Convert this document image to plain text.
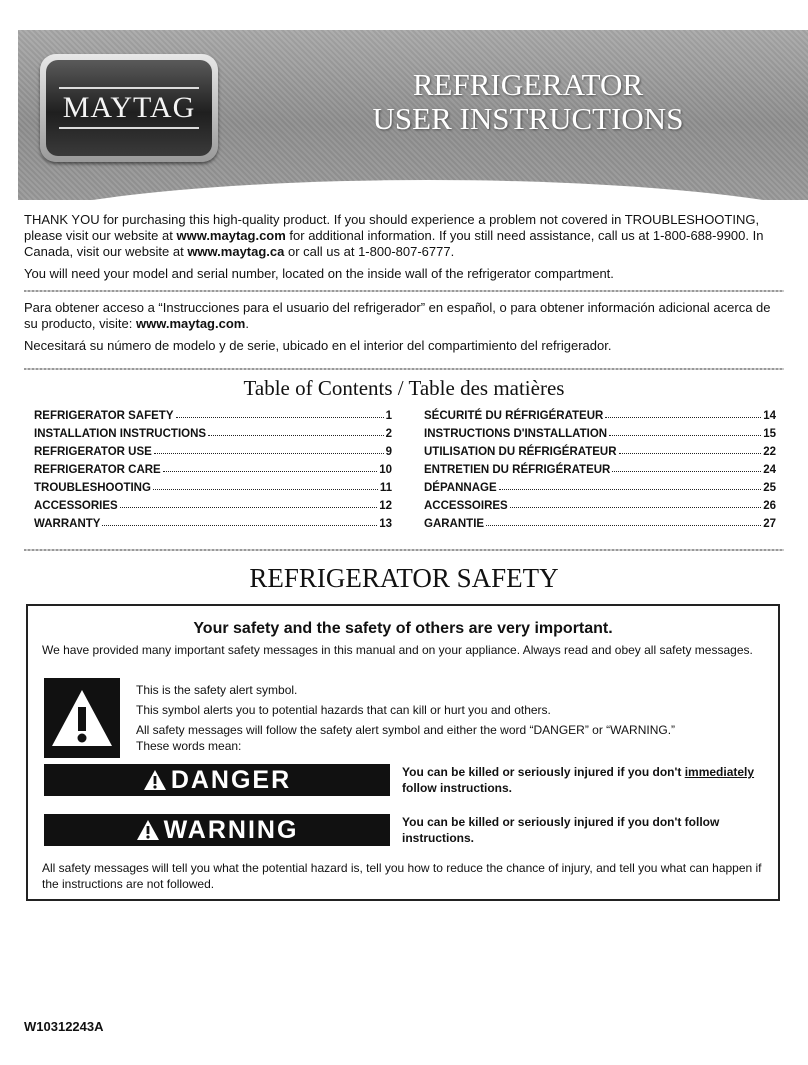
MAYTAG
REFRIGERATOR
USER INSTRUCTIONS

THANK YOU for purchasing this high-quality product. If you should experience a problem not covered in TROUBLESHOOTING, please visit our website at www.maytag.com for additional information. If you still need assistance, call us at 1-800-688-9900. In Canada, visit our website at www.maytag.ca or call us at 1-800-807-6777.

You will need your model and serial number, located on the inside wall of the refrigerator compartment.

Para obtener acceso a “Instrucciones para el usuario del refrigerador” en español, o para obtener información adicional acerca de su producto, visite: www.maytag.com.

Necesitará su número de modelo y de serie, ubicado en el interior del compartimiento del refrigerador.

Table of Contents / Table des matières
REFRIGERATOR SAFETY	1
INSTALLATION INSTRUCTIONS	2
REFRIGERATOR USE	9
REFRIGERATOR CARE	10
TROUBLESHOOTING	11
ACCESSORIES	12
WARRANTY	13
SÉCURITÉ DU RÉFRIGÉRATEUR	14
INSTRUCTIONS D'INSTALLATION	15
UTILISATION DU RÉFRIGÉRATEUR	22
ENTRETIEN DU RÉFRIGÉRATEUR	24
DÉPANNAGE	25
ACCESSOIRES	26
GARANTIE	27
REFRIGERATOR SAFETY
Your safety and the safety of others are very important.
We have provided many important safety messages in this manual and on your appliance. Always read and obey all safety messages.
This is the safety alert symbol.
This symbol alerts you to potential hazards that can kill or hurt you and others.
All safety messages will follow the safety alert symbol and either the word “DANGER” or “WARNING.”
These words mean:
DANGER	You can be killed or seriously injured if you don't immediately
follow instructions.
WARNING	You can be killed or seriously injured if you don't follow instructions.
All safety messages will tell you what the potential hazard is, tell you how to reduce the chance of injury, and tell you what can happen if the instructions are not followed.
W10312243A
